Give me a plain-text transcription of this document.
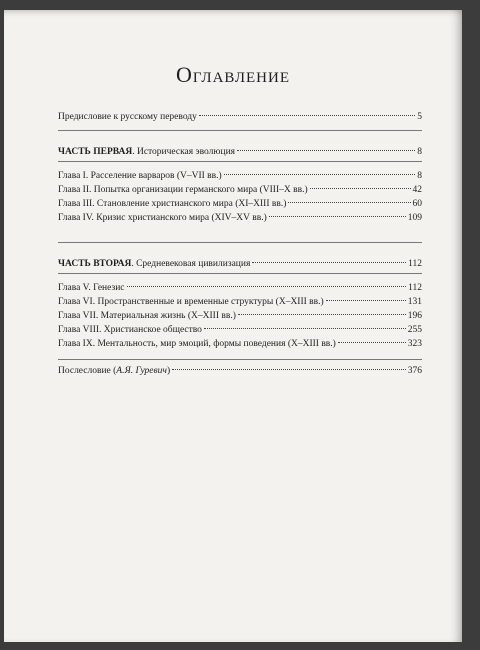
Оглавление
Предисловие к русскому переводу	5
ЧАСТЬ ПЕРВАЯ. Историческая эволюция	8
Глава I. Расселение варваров (V–VII вв.)	8
Глава II. Попытка организации германского мира (VIII–X вв.)	42
Глава III. Становление христианского мира (XI–XIII вв.)	60
Глава IV. Кризис христианского мира (XIV–XV вв.)	109
ЧАСТЬ ВТОРАЯ. Средневековая цивилизация	112
Глава V. Генезис	112
Глава VI. Пространственные и временные структуры (X–XIII вв.)	131
Глава VII. Материальная жизнь (X–XIII вв.)	196
Глава VIII. Христианское общество	255
Глава IX. Ментальность, мир эмоций, формы поведения (X–XIII вв.)	323
Послесловие (А.Я. Гуревич)	376
